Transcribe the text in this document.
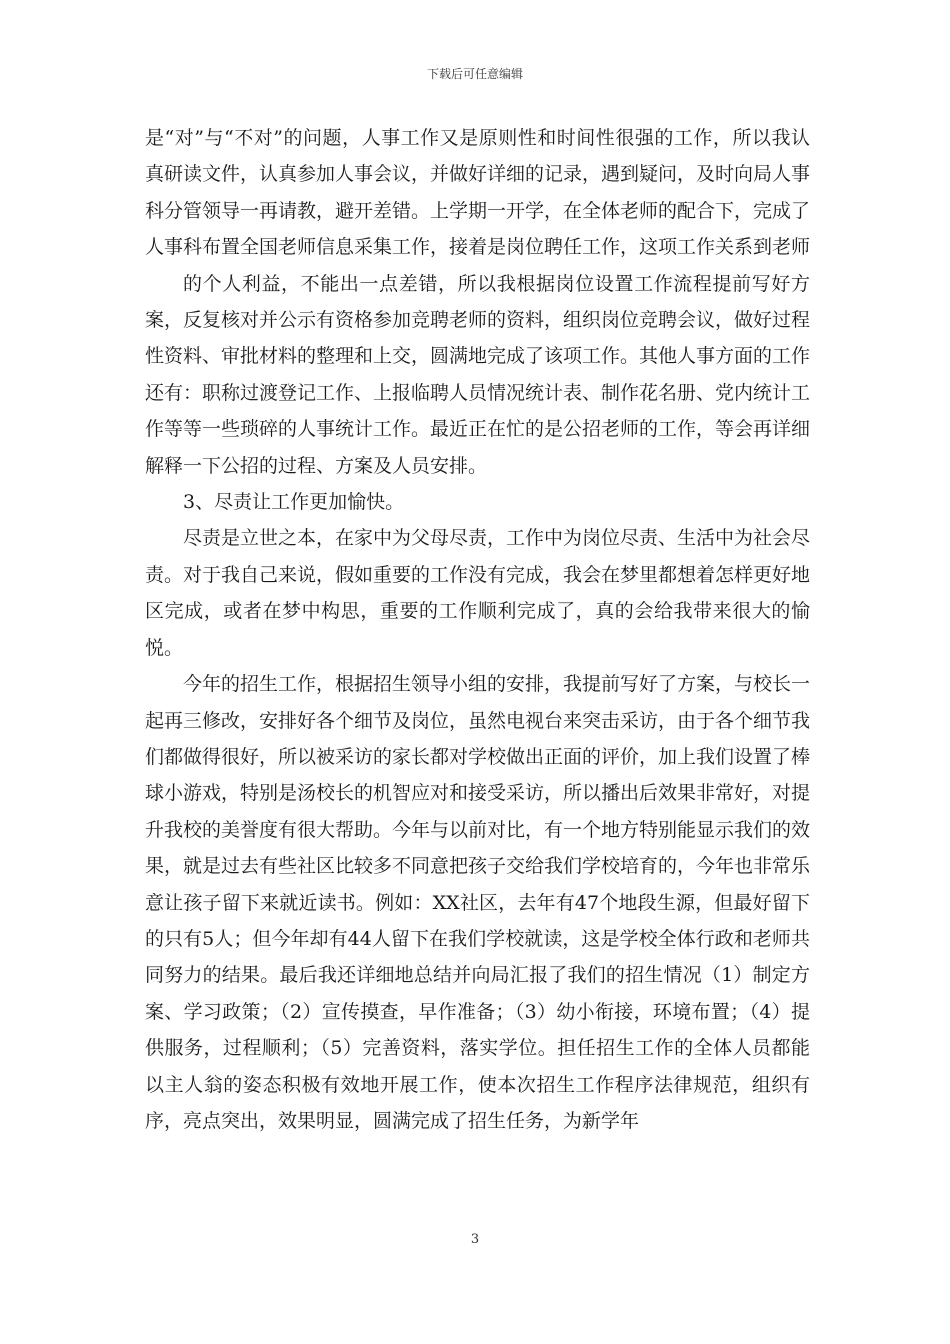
下载后可任意编辑

是“对”与“不对”的问题，人事工作又是原则性和时间性很强的工作，所以我认真研读文件，认真参加人事会议，并做好详细的记录，遇到疑问，及时向局人事科分管领导一再请教，避开差错。上学期一开学，在全体老师的配合下，完成了人事科布置全国老师信息采集工作，接着是岗位聘任工作，这项工作关系到老师

的个人利益，不能出一点差错，所以我根据岗位设置工作流程提前写好方案，反复核对并公示有资格参加竞聘老师的资料，组织岗位竞聘会议，做好过程性资料、审批材料的整理和上交，圆满地完成了该项工作。其他人事方面的工作还有：职称过渡登记工作、上报临聘人员情况统计表、制作花名册、党内统计工作等等一些琐碎的人事统计工作。最近正在忙的是公招老师的工作，等会再详细解释一下公招的过程、方案及人员安排。

3、尽责让工作更加愉快。

尽责是立世之本，在家中为父母尽责，工作中为岗位尽责、生活中为社会尽责。对于我自己来说，假如重要的工作没有完成，我会在梦里都想着怎样更好地区完成，或者在梦中构思，重要的工作顺利完成了，真的会给我带来很大的愉悦。

今年的招生工作，根据招生领导小组的安排，我提前写好了方案，与校长一起再三修改，安排好各个细节及岗位，虽然电视台来突击采访，由于各个细节我们都做得很好，所以被采访的家长都对学校做出正面的评价，加上我们设置了棒球小游戏，特别是汤校长的机智应对和接受采访，所以播出后效果非常好，对提升我校的美誉度有很大帮助。今年与以前对比，有一个地方特别能显示我们的效果，就是过去有些社区比较多不同意把孩子交给我们学校培育的，今年也非常乐意让孩子留下来就近读书。例如：XX社区，去年有47个地段生源，但最好留下的只有5人；但今年却有44人留下在我们学校就读，这是学校全体行政和老师共同努力的结果。最后我还详细地总结并向局汇报了我们的招生情况（1）制定方案、学习政策；（2）宣传摸查，早作准备；（3）幼小衔接，环境布置；（4）提供服务，过程顺利；（5）完善资料，落实学位。担任招生工作的全体人员都能以主人翁的姿态积极有效地开展工作，使本次招生工作程序法律规范，组织有序，亮点突出，效果明显，圆满完成了招生任务，为新学年

3
